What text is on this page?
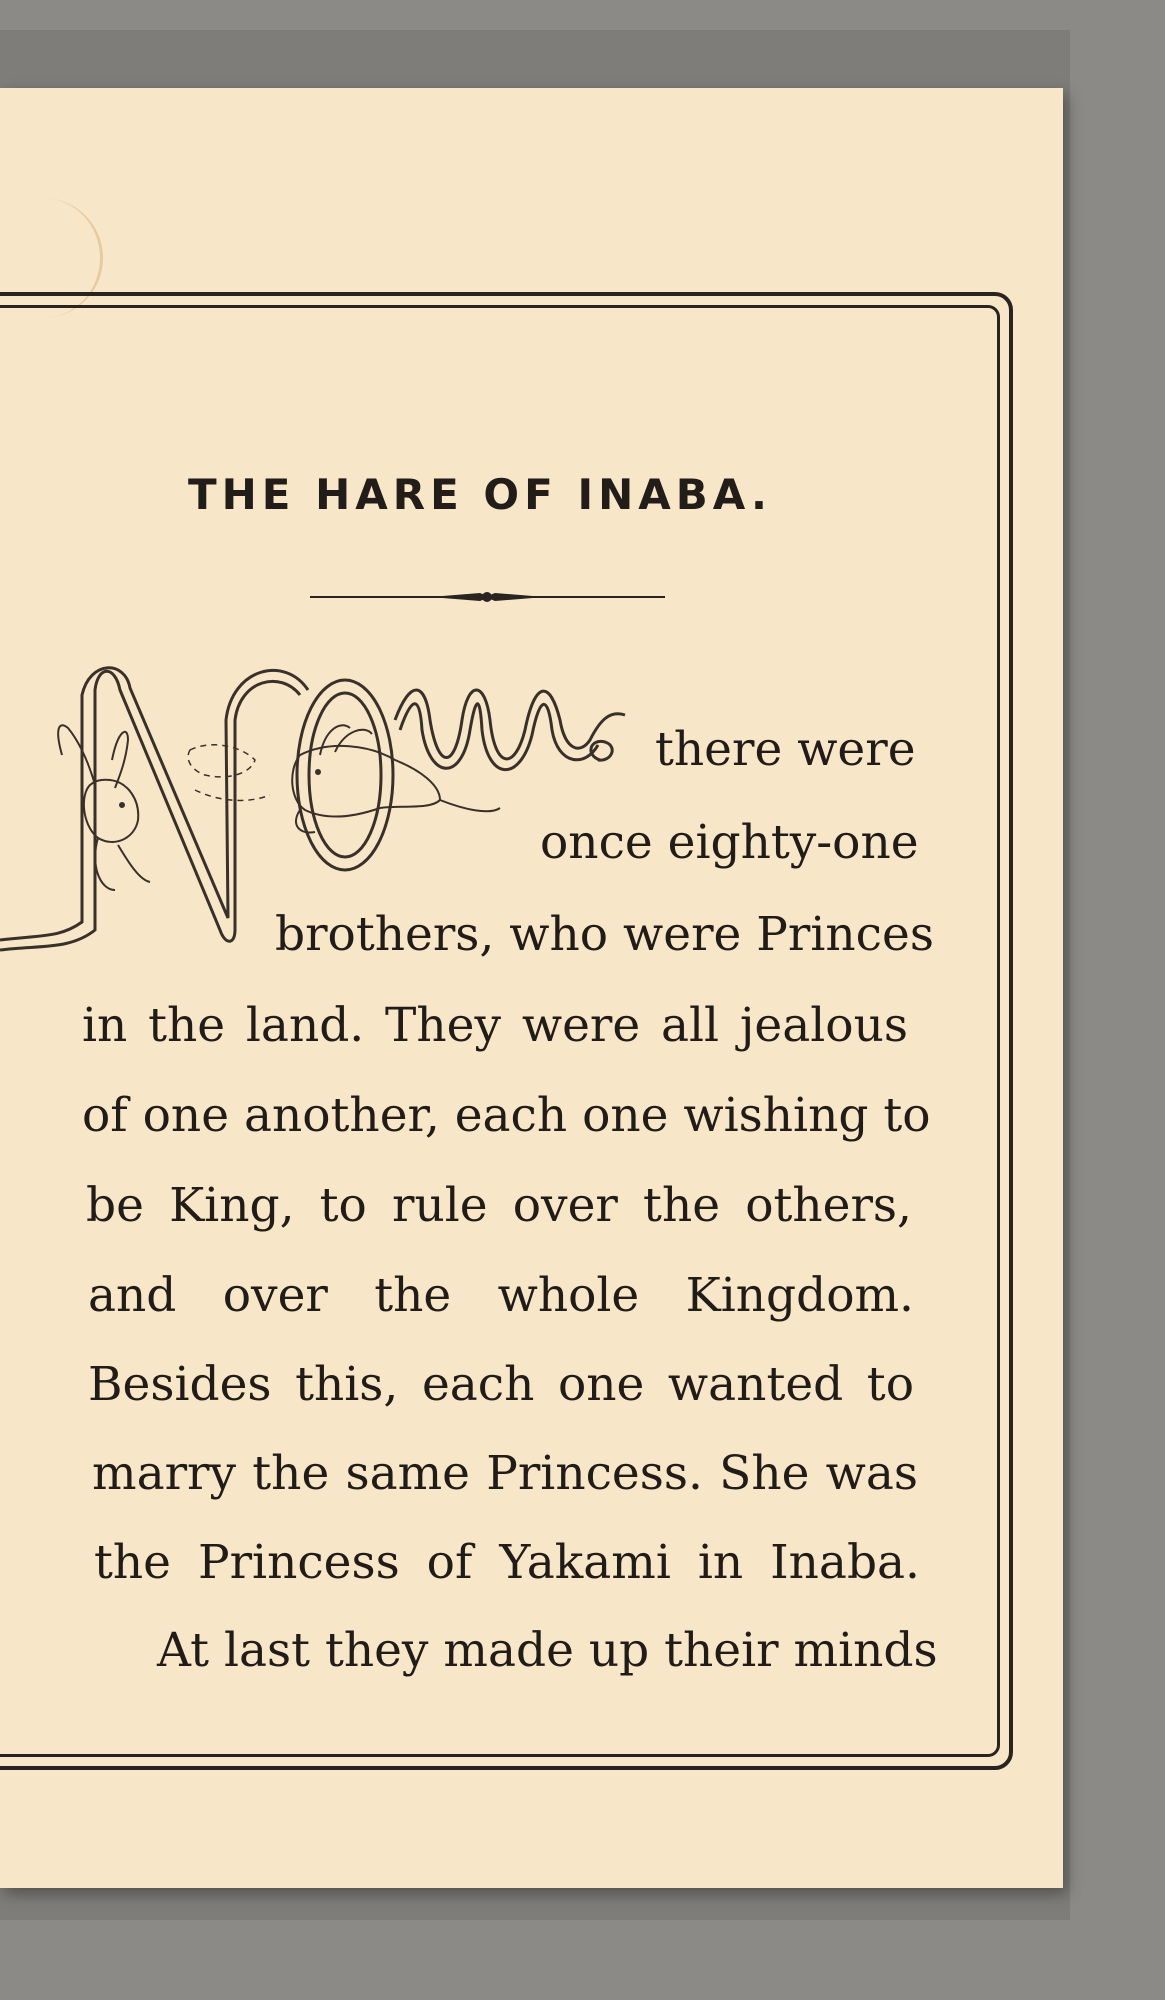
THE HARE OF INABA.
there were
once eighty-one
brothers, who were Princes
in the land. They were all jealous
of one another, each one wishing to
be King, to rule over the others,
and over the whole Kingdom.
Besides this, each one wanted to
marry the same Princess. She was
the Princess of Yakami in Inaba.
At last they made up their minds
